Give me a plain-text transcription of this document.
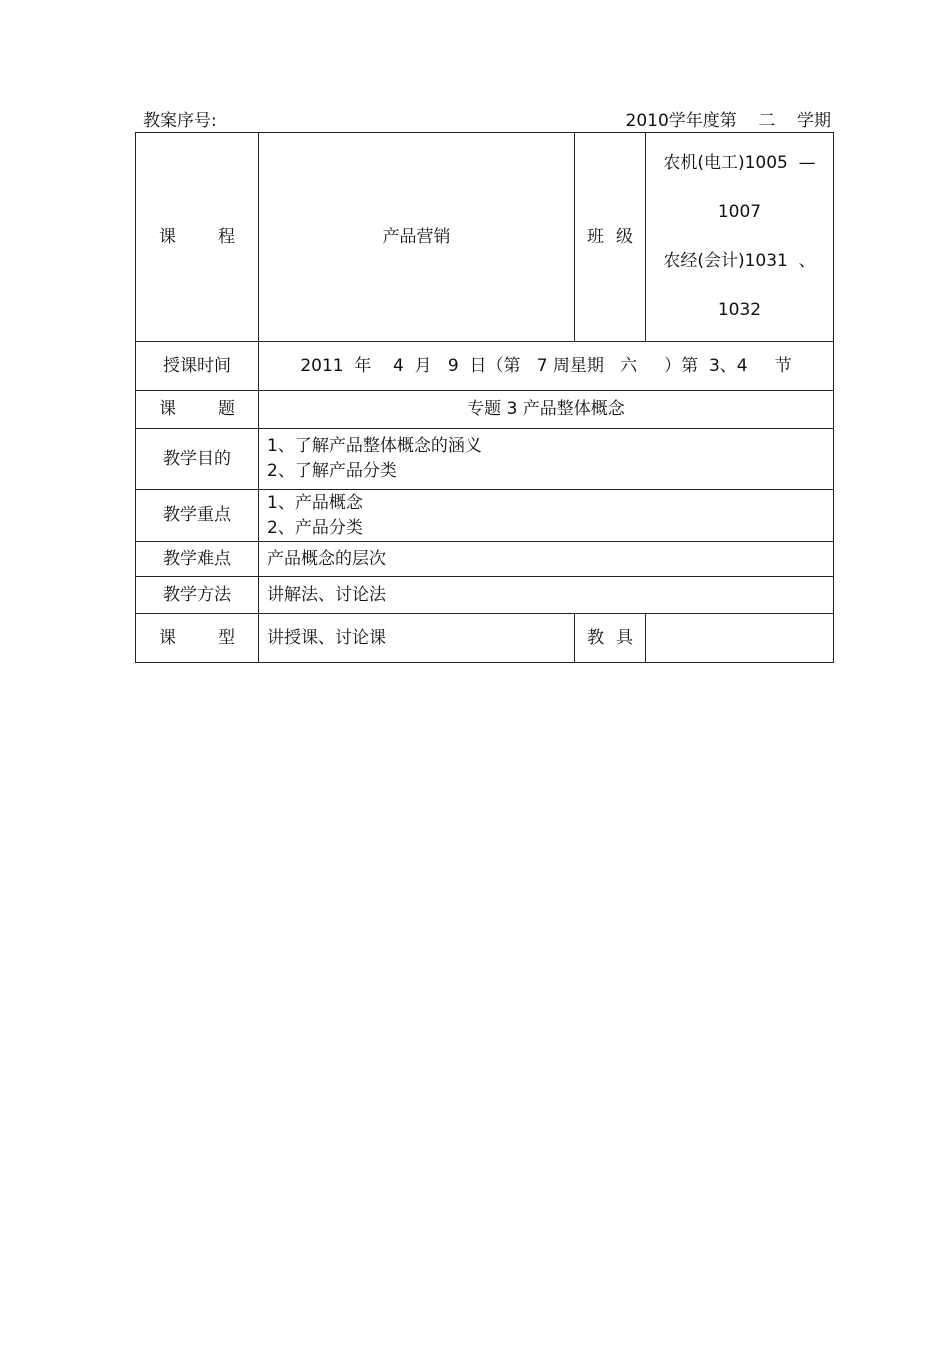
教案序号:	2010学年度第    二    学期
课程	产品营销	班级	农机(电工)1005  —
1007
农经(会计)1031  、
1032

授课时间	2011  年    4  月   9  日（第   7 周星期   六     ）第  3、4     节		
课题	专题 3 产品整体概念		
教学目的	1、了解产品整体概念的涵义
2、了解产品分类		

教学重点	1、产品概念
2、产品分类		

教学难点	产品概念的层次		
教学方法	讲解法、讨论法		
课型	讲授课、讨论课	教具	
